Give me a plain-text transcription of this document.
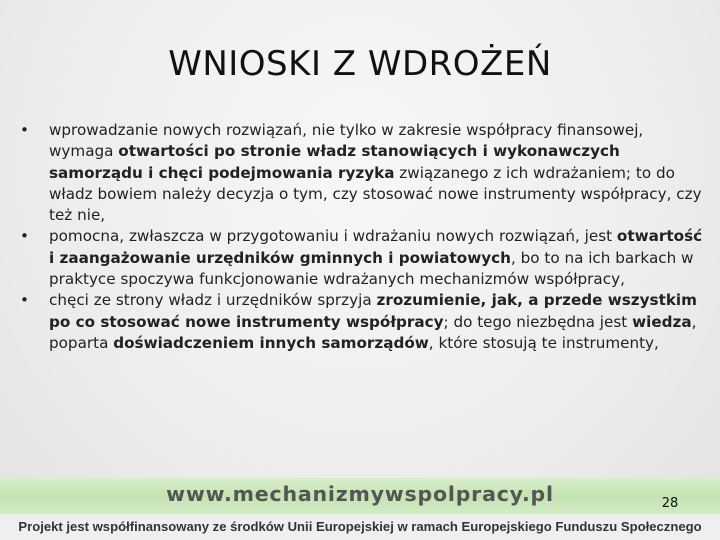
WNIOSKI Z WDROŻEŃ

•	wprowadzanie nowych rozwiązań, nie tylko w zakresie współpracy finansowej, wymaga otwartości po stronie władz stanowiących i wykonawczych samorządu i chęci podejmowania ryzyka związanego z ich wdrażaniem; to do władz bowiem należy decyzja o tym, czy stosować nowe instrumenty współpracy, czy też nie,

•	pomocna, zwłaszcza w przygotowaniu i wdrażaniu nowych rozwiązań, jest otwartość i zaangażowanie urzędników gminnych i powiatowych, bo to na ich barkach w praktyce spoczywa funkcjonowanie wdrażanych mechanizmów współpracy,

•	chęci ze strony władz i urzędników sprzyja zrozumienie, jak, a przede wszystkim po co stosować nowe instrumenty współpracy; do tego niezbędna jest wiedza, poparta doświadczeniem innych samorządów, które stosują te instrumenty,

www.mechanizmywspolpracy.pl	28
Projekt jest współfinansowany ze środków Unii Europejskiej w ramach Europejskiego Funduszu Społecznego
